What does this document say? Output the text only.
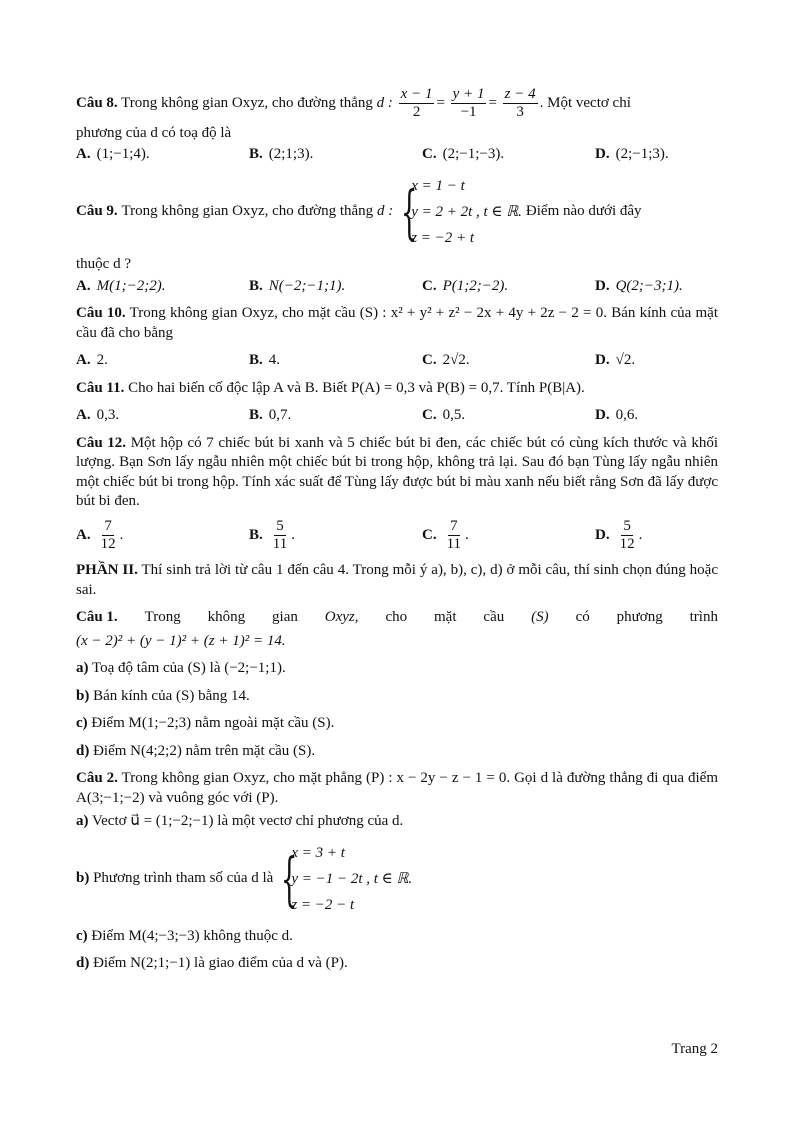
Câu 8. Trong không gian Oxyz, cho đường thẳng d : $\frac{x - 1}{2} = \frac{y + 1}{-1} = \frac{z - 4}{3}$ . Một vectơ chỉ
phương của d có toạ độ là
A. (1;−1;4).	B. (2;1;3).	C. (2;−1;−3).	D. (2;−1;3).
Câu 9.
Trong không gian Oxyz, cho đường thẳng
d : {
x = 1 − t
y = 2 + 2t , t ∈ ℝ.
z = −2 + t
Điểm nào dưới đây
thuộc d ?
A. M(1;−2;2).	B. N(−2;−1;1).	C. P(1;2;−2).	D. Q(2;−3;1).
Câu 10. Trong không gian Oxyz, cho mặt cầu (S) : x² + y² + z² − 2x + 4y + 2z − 2 = 0. Bán kính của mặt cầu đã cho bằng
A. 2.	B. 4.	C. 2√2.	D. √2.
Câu 11. Cho hai biến cố độc lập A và B. Biết P(A) = 0,3 và P(B) = 0,7. Tính P(B|A).
A. 0,3.	B. 0,7.	C. 0,5.	D. 0,6.
Câu 12. Một hộp có 7 chiếc bút bi xanh và 5 chiếc bút bi đen, các chiếc bút có cùng kích thước và khối lượng. Bạn Sơn lấy ngẫu nhiên một chiếc bút bi trong hộp, không trả lại. Sau đó bạn Tùng lấy ngẫu nhiên một chiếc bút bi trong hộp. Tính xác suất để Tùng lấy được bút bi màu xanh nếu biết rằng Sơn đã lấy được bút bi đen.
A. $\frac{7}{12}$ .	B. $\frac{5}{11}$ .	C. $\frac{7}{11}$ .	D. $\frac{5}{12}$ .
PHẦN II. Thí sinh trả lời từ câu 1 đến câu 4. Trong mỗi ý a), b), c), d) ở mỗi câu, thí sinh chọn đúng hoặc sai.
Câu 1. Trong không gian Oxyz, cho mặt cầu (S) có phương trình
(x − 2)² + (y − 1)² + (z + 1)² = 14.
a) Toạ độ tâm của (S) là (−2;−1;1).
b) Bán kính của (S) bằng 14.
c) Điểm M(1;−2;3) nằm ngoài mặt cầu (S).
d) Điểm N(4;2;2) nằm trên mặt cầu (S).
Câu 2. Trong không gian Oxyz, cho mặt phẳng (P) : x − 2y − z − 1 = 0. Gọi d là đường thẳng đi qua điểm A(3;−1;−2) và vuông góc với (P).
a) Vectơ u⃗ = (1;−2;−1) là một vectơ chỉ phương của d.
b)
Phương trình tham số của d là {
x = 3 + t
y = −1 − 2t , t ∈ ℝ.
z = −2 − t
c) Điểm M(4;−3;−3) không thuộc d.
d) Điểm N(2;1;−1) là giao điểm của d và (P).
Trang 2
